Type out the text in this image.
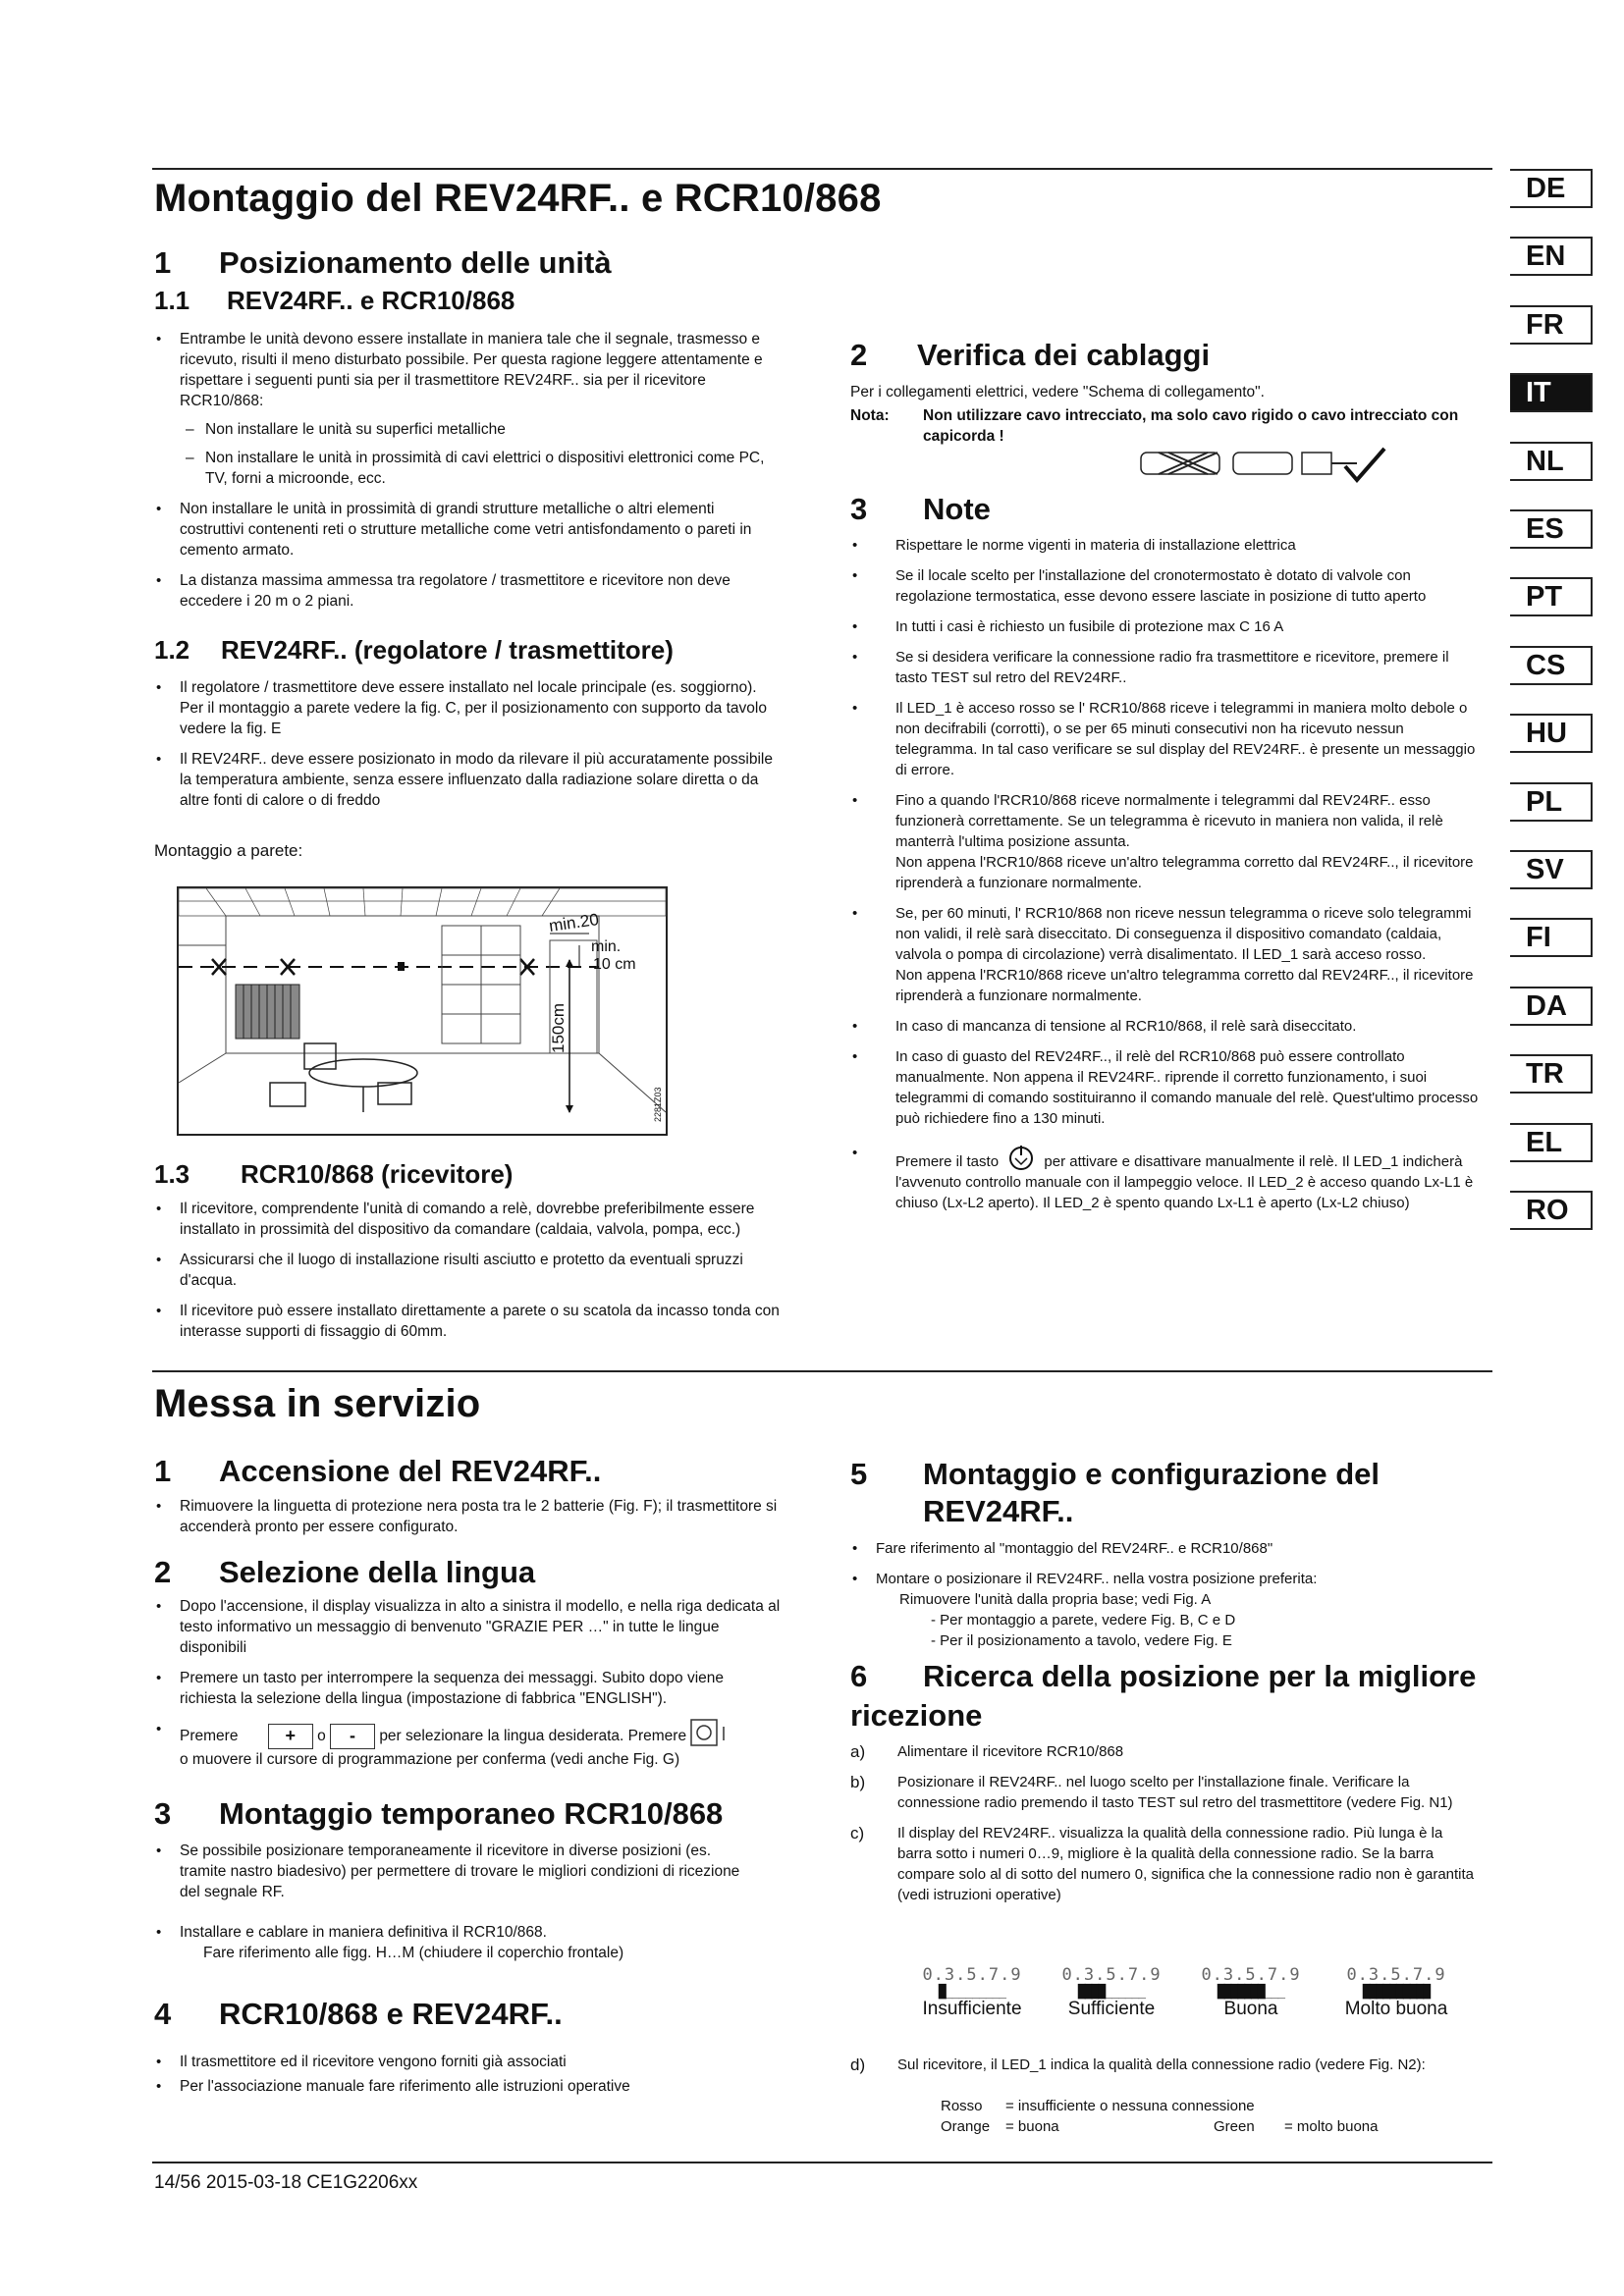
DE
EN
FR
IT
NL
ES
PT
CS
HU
PL
SV
FI
DA
TR
EL
RO
Montaggio del REV24RF.. e RCR10/868
1 Posizionamento delle unità
1.1 REV24RF.. e RCR10/868
• Entrambe le unità devono essere installate in maniera tale che il segnale, trasmesso e ricevuto, risulti il meno disturbato possibile. Per questa ragione leggere attentamente e rispettare i seguenti punti sia per il trasmettitore REV24RF.. sia per il ricevitore RCR10/868:
– Non installare le unità su superfici metalliche
– Non installare le unità in prossimità di cavi elettrici o dispositivi elettronici come PC, TV, forni a microonde, ecc.
• Non installare le unità in prossimità di grandi strutture metalliche o altri elementi costruttivi contenenti reti o strutture metalliche come vetri antisfondamento o pareti in cemento armato.
• La distanza massima ammessa tra regolatore / trasmettitore e ricevitore non deve eccedere i 20 m o 2 piani.
1.2 REV24RF.. (regolatore / trasmettitore)
• Il regolatore / trasmettitore deve essere installato nel locale principale (es. soggiorno). Per il montaggio a parete vedere la fig. C, per il posizionamento con supporto da tavolo vedere la fig. E
• Il REV24RF.. deve essere posizionato in modo da rilevare il più accuratamente possibile la temperatura ambiente, senza essere influenzato dalla radiazione solare diretta o da altre fonti di calore o di freddo
Montaggio a parete:
150cm
min.20
min.
10 cm
2281Z03
1.3 RCR10/868 (ricevitore)
• Il ricevitore, comprendente l'unità di comando a relè, dovrebbe preferibilmente essere installato in prossimità del dispositivo da comandare (caldaia, valvola, pompa, ecc.)
• Assicurarsi che il luogo di installazione risulti asciutto e protetto da eventuali spruzzi d'acqua.
• Il ricevitore può essere installato direttamente a parete o su scatola da incasso tonda con interasse supporti di fissaggio di 60mm.
2 Verifica dei cablaggi
Per i collegamenti elettrici, vedere "Schema di collegamento".
Nota: Non utilizzare cavo intrecciato, ma solo cavo rigido o cavo intrecciato con capicorda !
3 Note
• Rispettare le norme vigenti in materia di installazione elettrica
• Se il locale scelto per l'installazione del cronotermostato è dotato di valvole con regolazione termostatica, esse devono essere lasciate in posizione di tutto aperto
• In tutti i casi è richiesto un fusibile di protezione max C 16 A
• Se si desidera verificare la connessione radio fra trasmettitore e ricevitore, premere il tasto TEST sul retro del REV24RF..
• Il LED_1 è acceso rosso se l' RCR10/868 riceve i telegrammi in maniera molto debole o non decifrabili (corrotti), o se per 65 minuti consecutivi non ha ricevuto nessun telegramma. In tal caso verificare se sul display del REV24RF.. è presente un messaggio di errore.
• Fino a quando l'RCR10/868 riceve normalmente i telegrammi dal REV24RF.. esso funzionerà correttamente. Se un telegramma è ricevuto in maniera non valida, il relè manterrà l'ultima posizione assunta.
Non appena l'RCR10/868 riceve un'altro telegramma corretto dal REV24RF.., il ricevitore riprenderà a funzionare normalmente.
• Se, per 60 minuti, l' RCR10/868 non riceve nessun telegramma o riceve solo telegrammi non validi, il relè sarà diseccitato. Di conseguenza il dispositivo comandato (caldaia, valvola o pompa di circolazione) verrà disalimentato. Il LED_1 sarà acceso rosso.
Non appena l'RCR10/868 riceve un'altro telegramma corretto dal REV24RF.., il ricevitore riprenderà a funzionare normalmente.
• In caso di mancanza di tensione al RCR10/868, il relè sarà diseccitato.
• In caso di guasto del REV24RF.., il relè del RCR10/868 può essere controllato manualmente. Non appena il REV24RF.. riprende il corretto funzionamento, i suoi telegrammi di comando sostituiranno il comando manuale del relè. Quest'ultimo processo può richiedere fino a 130 minuti.
• Premere il tasto	per attivare e disattivare manualmente il relè. Il LED_1 indicherà l'avvenuto controllo manuale con il lampeggio veloce. Il LED_2 è acceso quando Lx-L1 è chiuso (Lx-L2 aperto). Il LED_2 è spento quando Lx-L1 è aperto (Lx-L2 chiuso)
Messa in servizio
1 Accensione del REV24RF..
• Rimuovere la linguetta di protezione nera posta tra le 2 batterie (Fig. F); il trasmettitore si accenderà pronto per essere configurato.
2 Selezione della lingua
• Dopo l'accensione, il display visualizza in alto a sinistra il modello, e nella riga dedicata al testo informativo un messaggio di benvenuto "GRAZIE PER …" in tutte le lingue disponibili
• Premere un tasto per interrompere la sequenza dei messaggi. Subito dopo viene richiesta la selezione della lingua (impostazione di fabbrica "ENGLISH").
• Premere	+ o - per selezionare la lingua desiderata. Premere
o muovere il cursore di programmazione per conferma (vedi anche Fig. G)
3 Montaggio temporaneo RCR10/868
• Se possibile posizionare temporaneamente il ricevitore in diverse posizioni (es. tramite nastro biadesivo) per permettere di trovare le migliori condizioni di ricezione del segnale RF.
• Installare e cablare in maniera definitiva il RCR10/868.
Fare riferimento alle figg. H…M (chiudere il coperchio frontale)
4 RCR10/868 e REV24RF..
• Il trasmettitore ed il ricevitore vengono forniti già associati
• Per l'associazione manuale fare riferimento alle istruzioni operative
5 Montaggio e configurazione del
REV24RF..
• Fare riferimento al "montaggio del REV24RF.. e RCR10/868"
• Montare o posizionare il REV24RF.. nella vostra posizione preferita:
Rimuovere l'unità dalla propria base; vedi Fig. A
- Per montaggio a parete, vedere Fig. B, C e D
- Per il posizionamento a tavolo, vedere Fig. E
6 Ricerca della posizione per la migliore
ricezione
a) Alimentare il ricevitore RCR10/868
b) Posizionare il REV24RF.. nel luogo scelto per l'installazione finale. Verificare la connessione radio premendo il tasto TEST sul retro del trasmettitore (vedere Fig. N1)
c) Il display del REV24RF.. visualizza la qualità della connessione radio. Più lunga è la barra sotto i numeri 0…9, migliore è la qualità della connessione radio. Se la barra compare solo al di sotto del numero 0, significa che la connessione radio non è garantita (vedi istruzioni operative)
0.3.5.7.9
█_________
Insufficiente
0.3.5.7.9
████______
Sufficiente
0.3.5.7.9
███████___
Buona
0.3.5.7.9
██████████
Molto buona
d) Sul ricevitore, il LED_1 indica la qualità della connessione radio (vedere Fig. N2):
Rosso = insufficiente o nessuna connessione
Orange = buona	Green = molto buona
14/56 2015-03-18 CE1G2206xx
